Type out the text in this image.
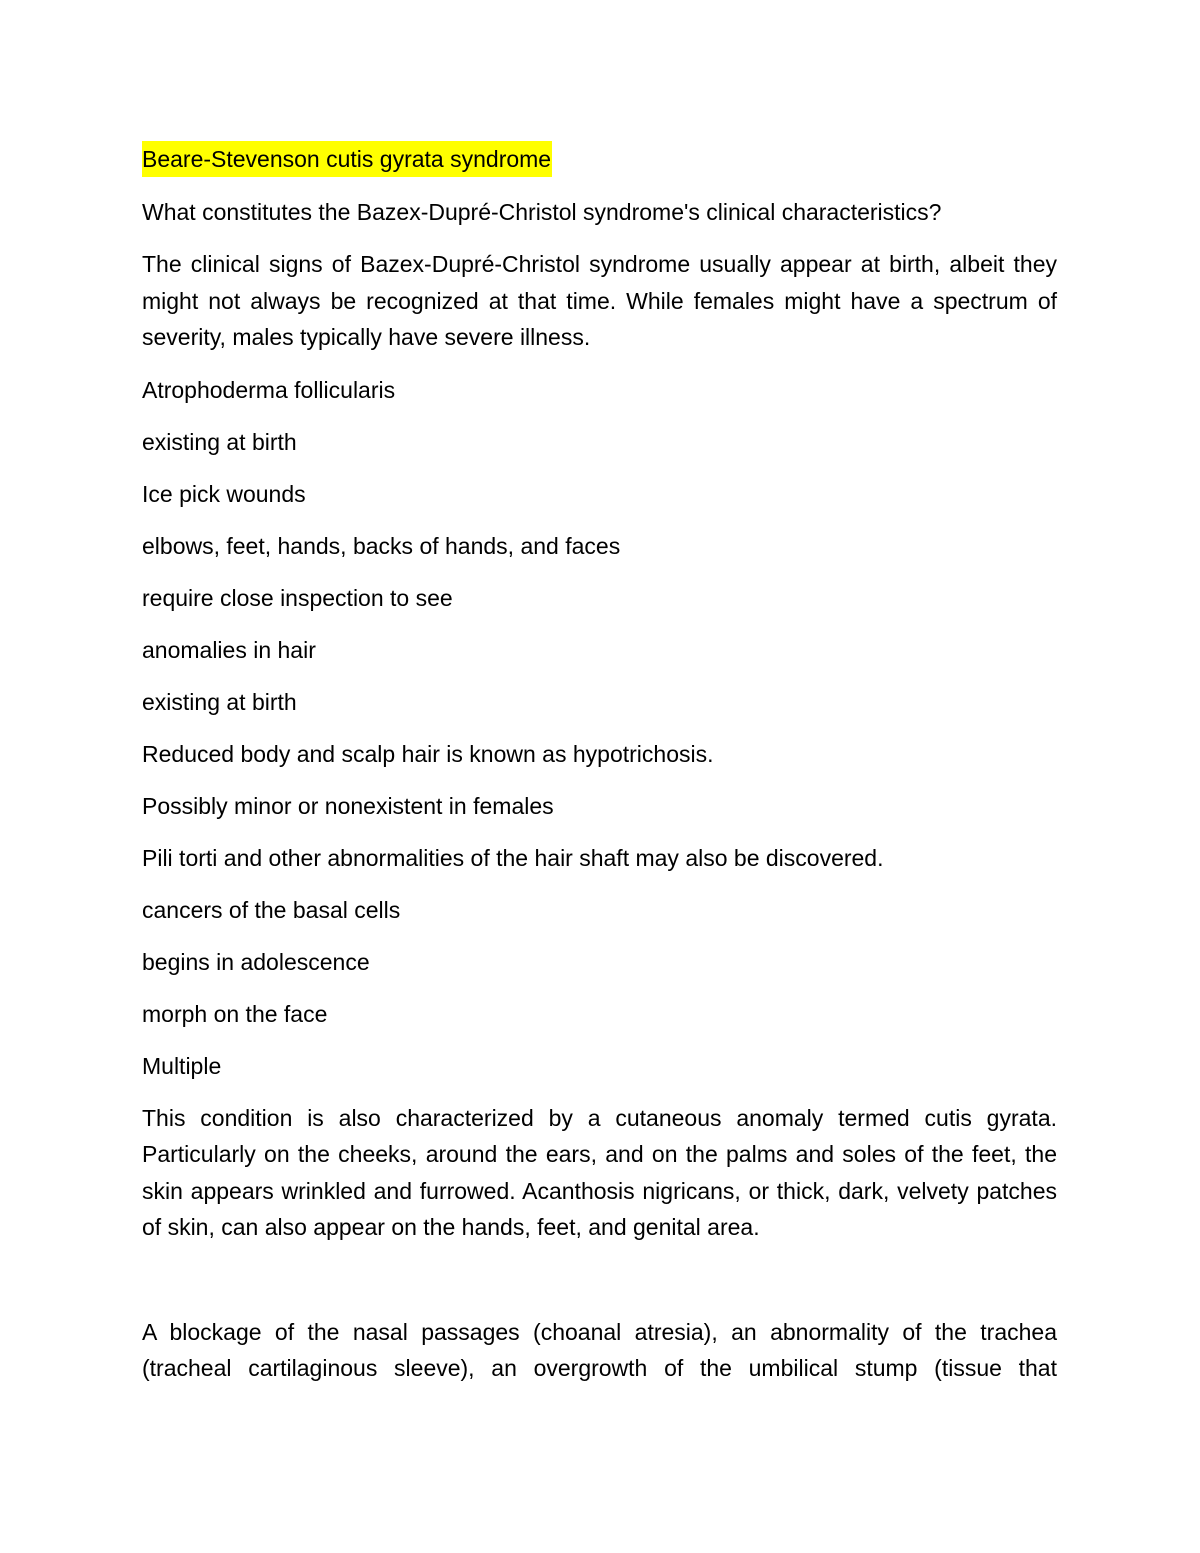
Beare-Stevenson cutis gyrata syndrome

What constitutes the Bazex-Dupré-Christol syndrome's clinical characteristics?

The clinical signs of Bazex-Dupré-Christol syndrome usually appear at birth, albeit they might not always be recognized at that time. While females might have a spectrum of severity, males typically have severe illness.

Atrophoderma follicularis

existing at birth

Ice pick wounds

elbows, feet, hands, backs of hands, and faces

require close inspection to see

anomalies in hair

existing at birth

Reduced body and scalp hair is known as hypotrichosis.

Possibly minor or nonexistent in females

Pili torti and other abnormalities of the hair shaft may also be discovered.

cancers of the basal cells

begins in adolescence

morph on the face

Multiple

This condition is also characterized by a cutaneous anomaly termed cutis gyrata. Particularly on the cheeks, around the ears, and on the palms and soles of the feet, the skin appears wrinkled and furrowed. Acanthosis nigricans, or thick, dark, velvety patches of skin, can also appear on the hands, feet, and genital area.

A blockage of the nasal passages (choanal atresia), an abnormality of the trachea (tracheal cartilaginous sleeve), an overgrowth of the umbilical stump (tissue that
